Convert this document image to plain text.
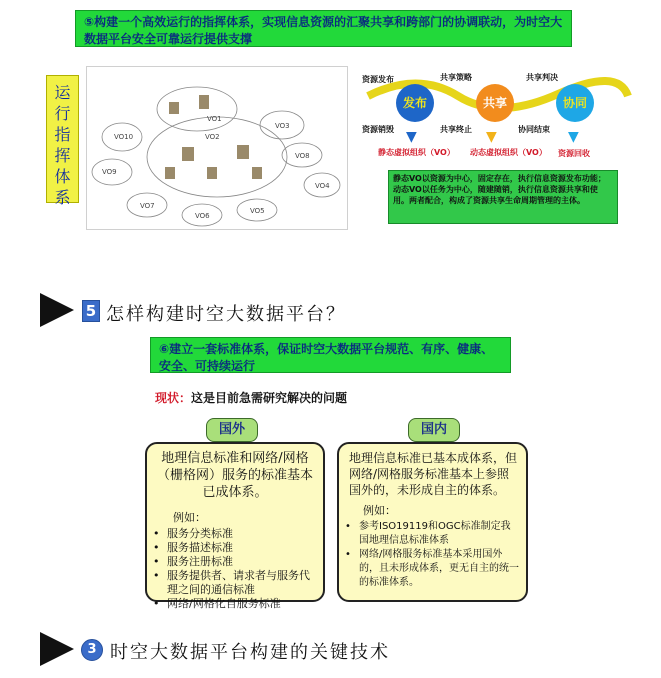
⑤构建一个高效运行的指挥体系，实现信息资源的汇聚共享和跨部门的协调联动，为时空大数据平台安全可靠运行提供支撑
运行指挥体系
VO1
VO10	VO2
VO3
VO8
VO4
VO7
VO6
VO5
VO9
资源发布	共享策略	共享判决
发布	共享	协同
资源销毁	共享终止	协同结束
▼	▼	▼
静态虚拟组织（VO）	动态虚拟组织（VO） 资源回收
静态VO以资源为中心，固定存在，执行信息资源发布功能；动态VO以任务为中心，随建随销，执行信息资源共享和使用。两者配合，构成了资源共享生命周期管理的主体。
5 怎样构建时空大数据平台？
⑥建立一套标准体系，保证时空大数据平台规范、有序、健康、安全、可持续运行
现状：这是目前急需研究解决的问题
国外
地理信息标准和网络/网格（栅格网）服务的标准基本已成体系。
例如：
• 服务分类标准
• 服务描述标准
• 服务注册标准
• 服务提供者、请求者与服务代理之间的通信标准
• 网络/网格化自服务标准
国内
地理信息标准已基本成体系，但网络/网格服务标准基本上参照国外的，未形成自主的体系。
例如：
• 参考ISO19119和OGC标准制定我国地理信息标准体系
• 网络/网格服务标准基本采用国外的，且未形成体系，更无自主的统一的标准体系。
3 时空大数据平台构建的关键技术
